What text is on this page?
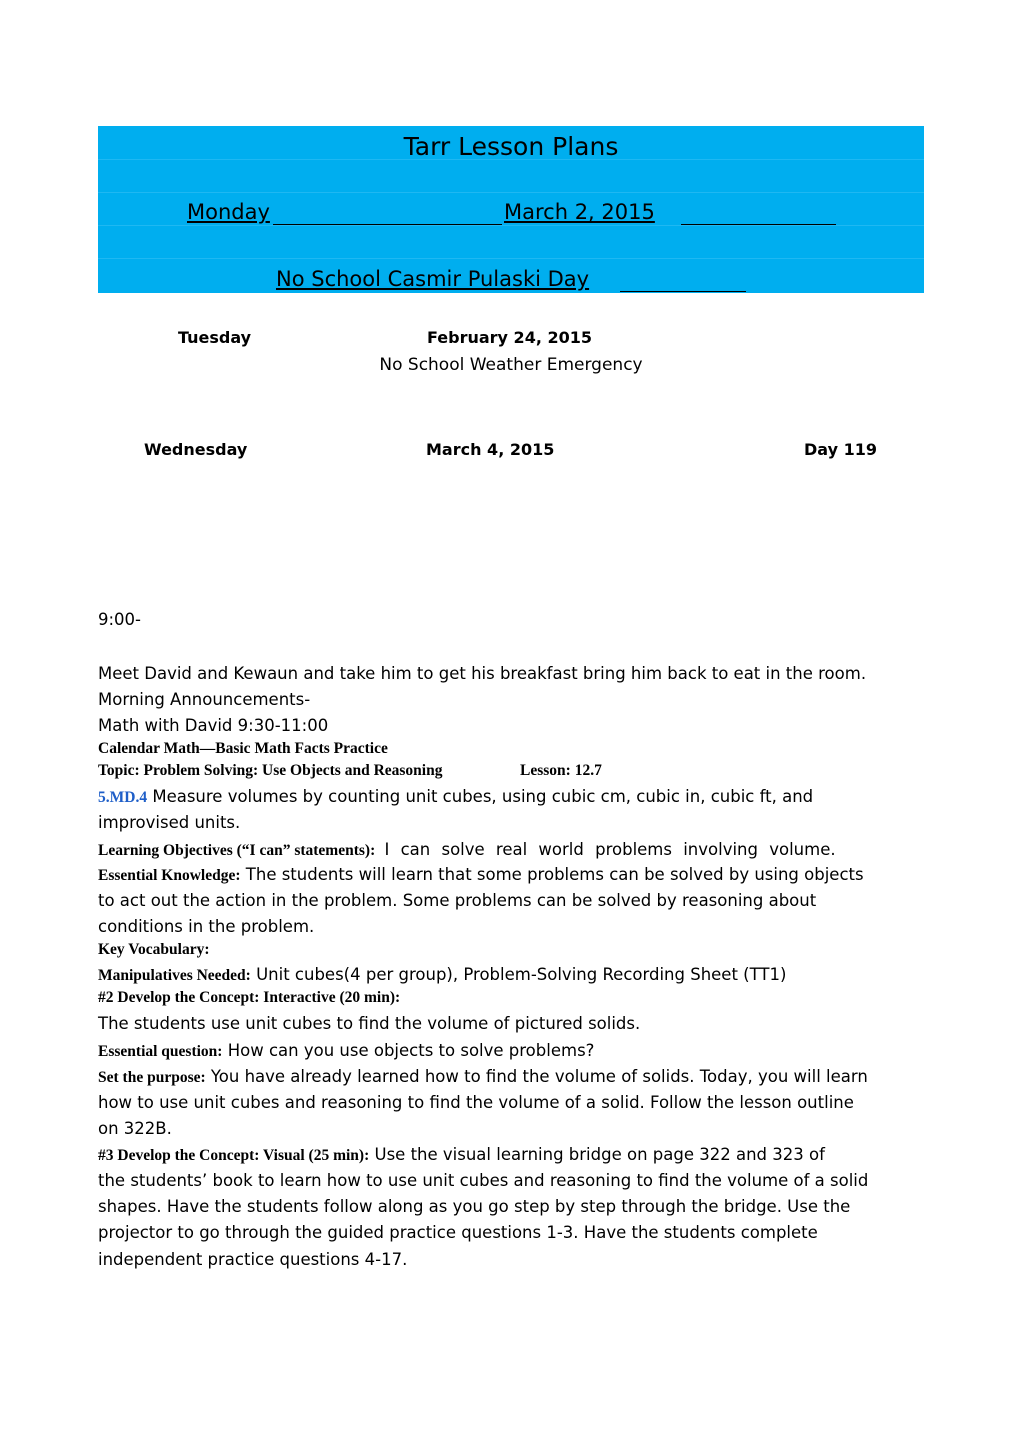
Tarr Lesson Plans
Monday	March 2, 2015
No School Casmir Pulaski Day
Tuesday	February 24, 2015
No School Weather Emergency
Wednesday	March 4, 2015	Day 119
9:00-
Meet David and Kewaun and take him to get his breakfast bring him back to eat in the room.
Morning Announcements-
Math with David 9:30-11:00
Calendar Math—Basic Math Facts Practice
Topic: Problem Solving: Use Objects and Reasoning	Lesson: 12.7
5.MD.4 Measure volumes by counting unit cubes, using cubic cm, cubic in, cubic ft, and
improvised units.
Learning Objectives (“I can” statements): I can solve real world problems involving volume.
Essential Knowledge: The students will learn that some problems can be solved by using objects
to act out the action in the problem. Some problems can be solved by reasoning about
conditions in the problem.
Key Vocabulary:
Manipulatives Needed: Unit cubes(4 per group), Problem-Solving Recording Sheet (TT1)
#2 Develop the Concept: Interactive (20 min):
The students use unit cubes to find the volume of pictured solids.
Essential question: How can you use objects to solve problems?
Set the purpose: You have already learned how to find the volume of solids. Today, you will learn
how to use unit cubes and reasoning to find the volume of a solid. Follow the lesson outline
on 322B.
#3 Develop the Concept: Visual (25 min): Use the visual learning bridge on page 322 and 323 of
the students’ book to learn how to use unit cubes and reasoning to find the volume of a solid
shapes. Have the students follow along as you go step by step through the bridge. Use the
projector to go through the guided practice questions 1-3. Have the students complete
independent practice questions 4-17.
